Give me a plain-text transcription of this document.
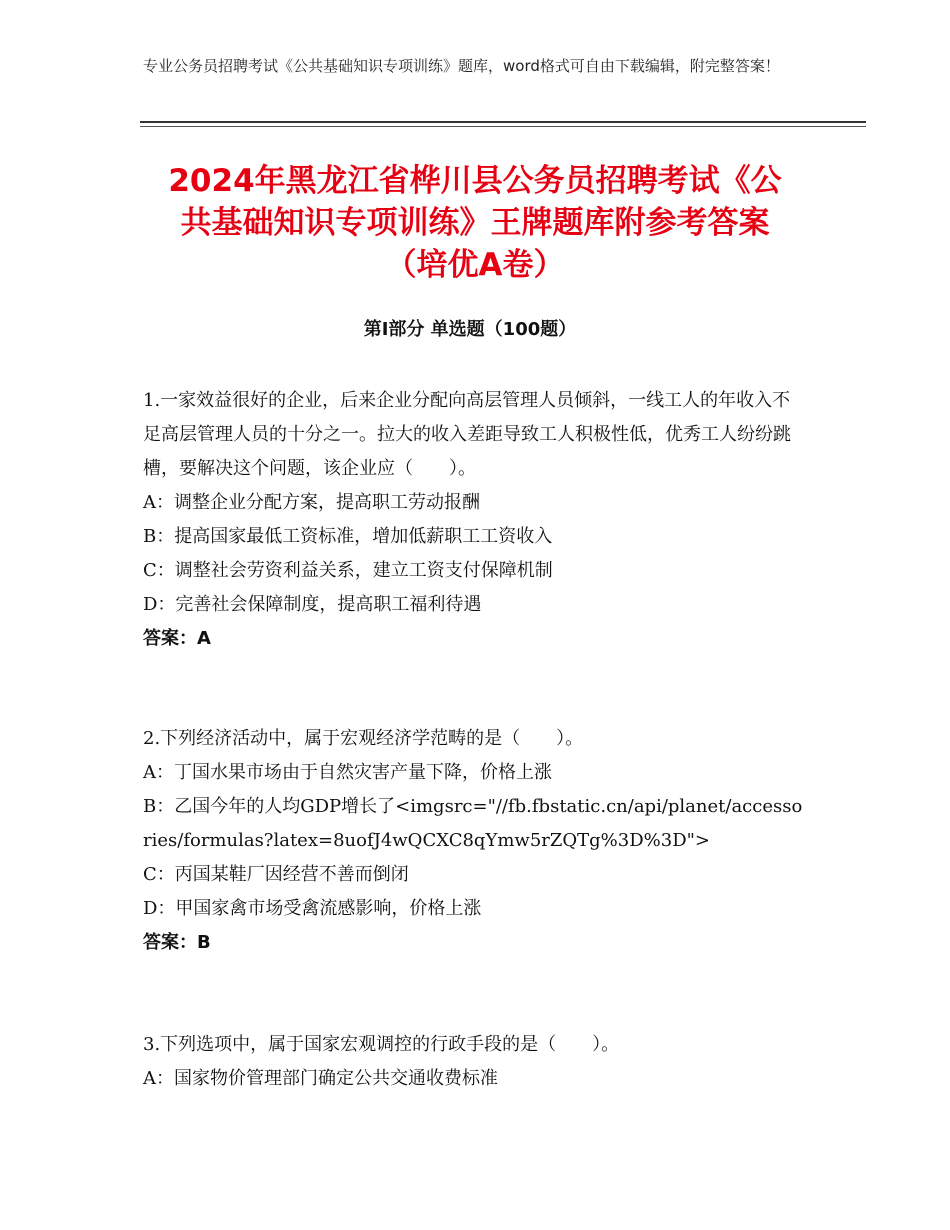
专业公务员招聘考试《公共基础知识专项训练》题库，word格式可自由下载编辑，附完整答案！
2024年黑龙江省桦川县公务员招聘考试《公
共基础知识专项训练》王牌题库附参考答案
（培优A卷）
第Ⅰ部分 单选题（100题）

1.一家效益很好的企业，后来企业分配向高层管理人员倾斜，一线工人的年收入不足高层管理人员的十分之一。拉大的收入差距导致工人积极性低，优秀工人纷纷跳槽，要解决这个问题，该企业应（　　）。

A：调整企业分配方案，提高职工劳动报酬

B：提高国家最低工资标准，增加低薪职工工资收入

C：调整社会劳资利益关系，建立工资支付保障机制

D：完善社会保障制度，提高职工福利待遇

答案：A

2.下列经济活动中，属于宏观经济学范畴的是（　　）。

A：丁国水果市场由于自然灾害产量下降，价格上涨

B：乙国今年的人均GDP增长了<imgsrc="//fb.fbstatic.cn/api/planet/accessories/formulas?latex=8uofJ4wQCXC8qYmw5rZQTg%3D%3D">

C：丙国某鞋厂因经营不善而倒闭

D：甲国家禽市场受禽流感影响，价格上涨

答案：B

3.下列选项中，属于国家宏观调控的行政手段的是（　　）。

A：国家物价管理部门确定公共交通收费标准
